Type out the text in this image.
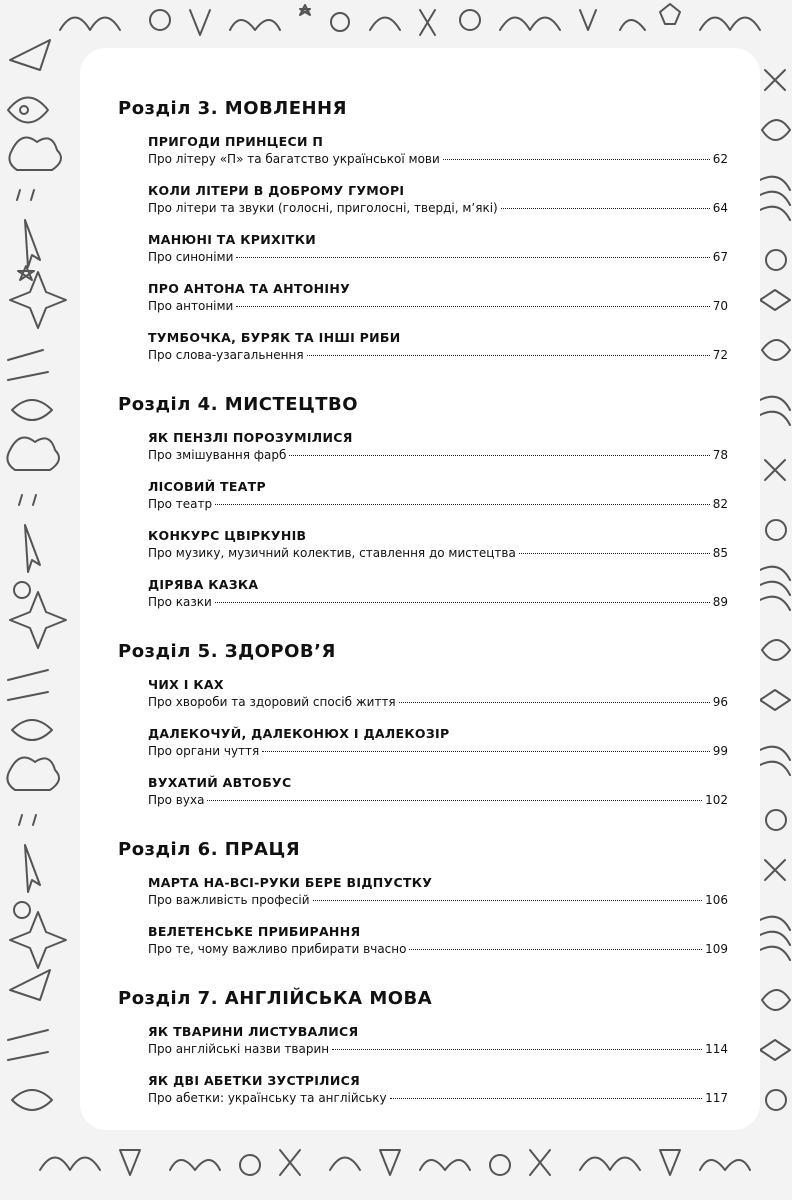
Розділ 3. МОВЛЕННЯ
ПРИГОДИ ПРИНЦЕСИ П
Про літеру «П» та багатство української мови	62
КОЛИ ЛІТЕРИ В ДОБРОМУ ГУМОРІ
Про літери та звуки (голосні, приголосні, тверді, м’які)	64
МАНЮНІ ТА КРИХІТКИ
Про синоніми	67
ПРО АНТОНА ТА АНТОНІНУ
Про антоніми	70
ТУМБОЧКА, БУРЯК ТА ІНШІ РИБИ
Про слова-узагальнення	72
Розділ 4. МИСТЕЦТВО
ЯК ПЕНЗЛІ ПОРОЗУМІЛИСЯ
Про змішування фарб	78
ЛІСОВИЙ ТЕАТР
Про театр	82
КОНКУРС ЦВІРКУНІВ
Про музику, музичний колектив, ставлення до мистецтва	85
ДІРЯВА КАЗКА
Про казки	89
Розділ 5. ЗДОРОВ’Я
ЧИХ І КАХ
Про хвороби та здоровий спосіб життя	96
ДАЛЕКОЧУЙ, ДАЛЕКОНЮХ І ДАЛЕКОЗІР
Про органи чуття	99
ВУХАТИЙ АВТОБУС
Про вуха	102
Розділ 6. ПРАЦЯ
МАРТА НА-ВСІ-РУКИ БЕРЕ ВІДПУСТКУ
Про важливість професій	106
ВЕЛЕТЕНСЬКЕ ПРИБИРАННЯ
Про те, чому важливо прибирати вчасно	109
Розділ 7. АНГЛІЙСЬКА МОВА
ЯК ТВАРИНИ ЛИСТУВАЛИСЯ
Про англійські назви тварин	114
ЯК ДВІ АБЕТКИ ЗУСТРІЛИСЯ
Про абетки: українську та англійську	117
